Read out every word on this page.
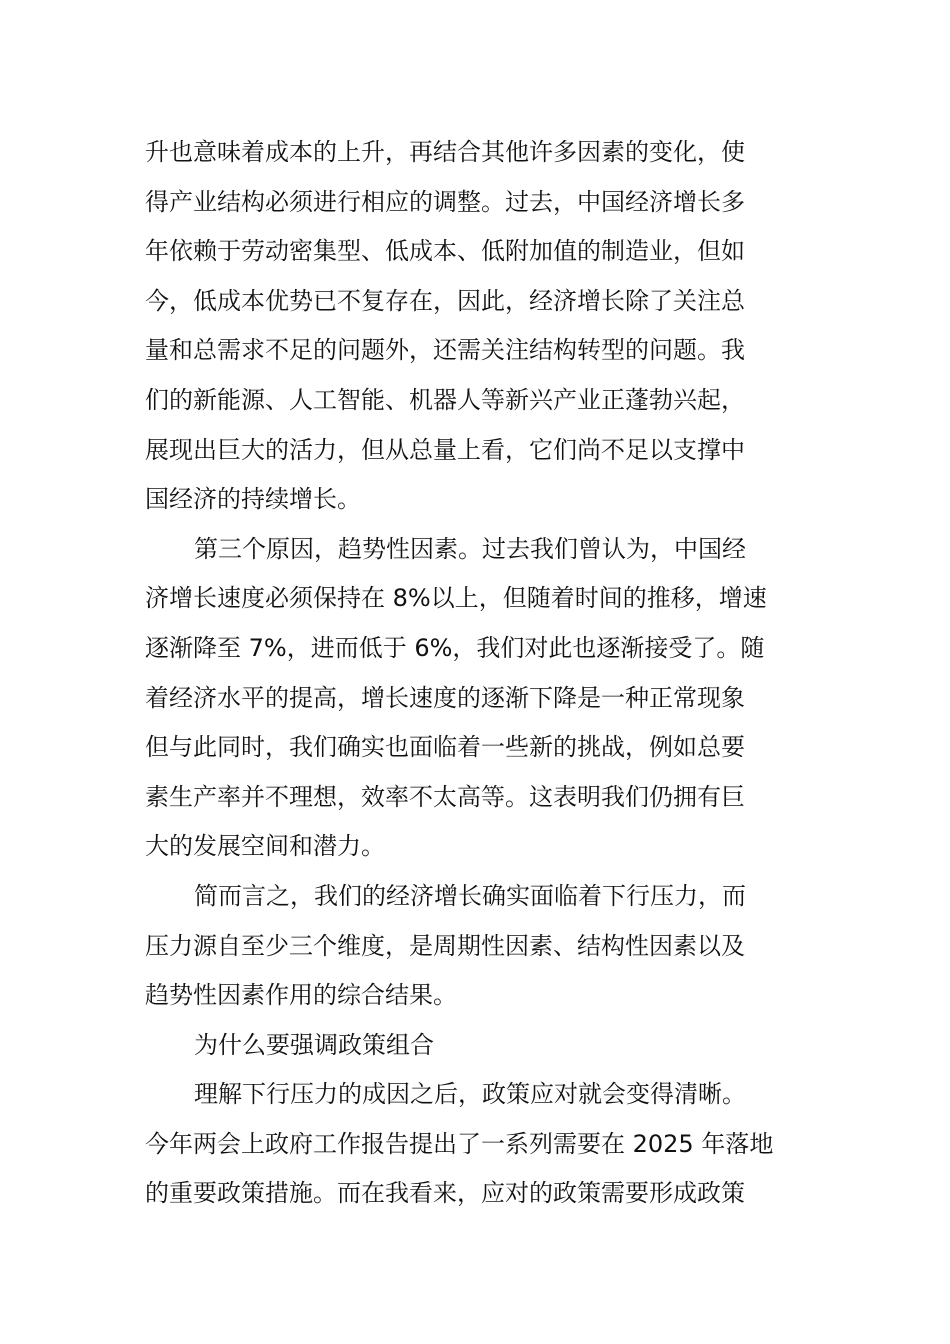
升也意味着成本的上升，再结合其他许多因素的变化，使
得产业结构必须进行相应的调整。过去，中国经济增长多
年依赖于劳动密集型、低成本、低附加值的制造业，但如
今，低成本优势已不复存在，因此，经济增长除了关注总
量和总需求不足的问题外，还需关注结构转型的问题。我
们的新能源、人工智能、机器人等新兴产业正蓬勃兴起，
展现出巨大的活力，但从总量上看，它们尚不足以支撑中
国经济的持续增长。
第三个原因，趋势性因素。过去我们曾认为，中国经
济增长速度必须保持在 8%以上，但随着时间的推移，增速
逐渐降至 7%，进而低于 6%，我们对此也逐渐接受了。随
着经济水平的提高，增长速度的逐渐下降是一种正常现象
但与此同时，我们确实也面临着一些新的挑战，例如总要
素生产率并不理想，效率不太高等。这表明我们仍拥有巨
大的发展空间和潜力。
简而言之，我们的经济增长确实面临着下行压力，而
压力源自至少三个维度，是周期性因素、结构性因素以及
趋势性因素作用的综合结果。
为什么要强调政策组合
理解下行压力的成因之后，政策应对就会变得清晰。
今年两会上政府工作报告提出了一系列需要在 2025 年落地
的重要政策措施。而在我看来，应对的政策需要形成政策
